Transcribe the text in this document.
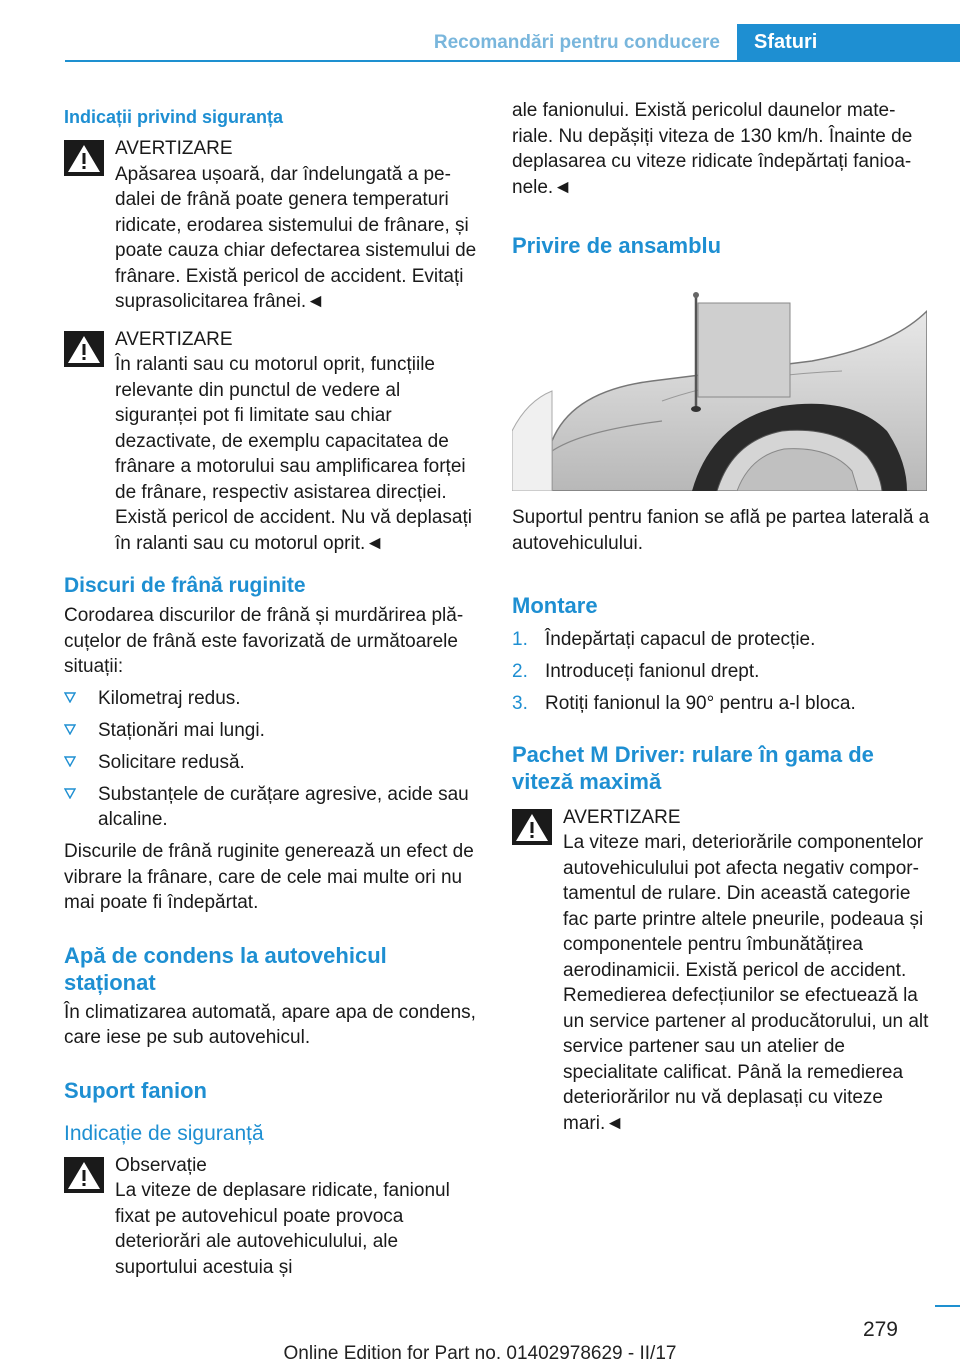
Recomandări pentru conducere	Sfaturi
Indicații privind siguranța

AVERTIZARE

Apăsarea ușoară, dar îndelungată a pedalei de frână poate genera temperaturi ridicate, erodarea sistemului de frânare, și poate cauza chiar defectarea sistemului de frânare. Există pericol de accident. Evitați suprasolicitarea frânei.◄

AVERTIZARE

În ralanti sau cu motorul oprit, funcțiile relevante din punctul de vedere al siguranței pot fi limitate sau chiar dezactivate, de exemplu capacitatea de frânare a motorului sau amplificarea forței de frânare, respectiv asistarea direcției. Există pericol de accident. Nu vă deplasați în ralanti sau cu motorul oprit.◄

Discuri de frână ruginite

Corodarea discurilor de frână și murdărirea plăcuțelor de frână este favorizată de următoarele situații:

Kilometraj redus.
Staționări mai lungi.
Solicitare redusă.
Substanțele de curățare agresive, acide sau alcaline.

Discurile de frână ruginite generează un efect de vibrare la frânare, care de cele mai multe ori nu mai poate fi îndepărtat.

Apă de condens la autovehicul staționat

În climatizarea automată, apare apa de condens, care iese pe sub autovehicul.

Suport fanion
Indicație de siguranță

Observație

La viteze de deplasare ridicate, fanionul fixat pe autovehicul poate provoca deteriorări ale autovehiculului, ale suportului acestuia și

ale fanionului. Există pericolul daunelor materiale. Nu depășiți viteza de 130 km/h. Înainte de deplasarea cu viteze ridicate îndepărtați fanioanele.◄

Privire de ansamblu

Suportul pentru fanion se află pe partea laterală a autovehiculului.

Montare
1. Îndepărtați capacul de protecție.
2. Introduceți fanionul drept.
3. Rotiți fanionul la 90° pentru a-l bloca.
Pachet M Driver: rulare în gama de viteză maximă

AVERTIZARE

La viteze mari, deteriorările componentelor autovehiculului pot afecta negativ comportamentul de rulare. Din această categorie fac parte printre altele pneurile, podeaua și componentele pentru îmbunătățirea aerodinamicii. Există pericol de accident. Remedierea defecțiunilor se efectuează la un service partener al producătorului, un alt service partener sau un atelier de specialitate calificat. Până la remedierea deteriorărilor nu vă deplasați cu viteze mari.◄

279
Online Edition for Part no. 01402978629 - II/17
